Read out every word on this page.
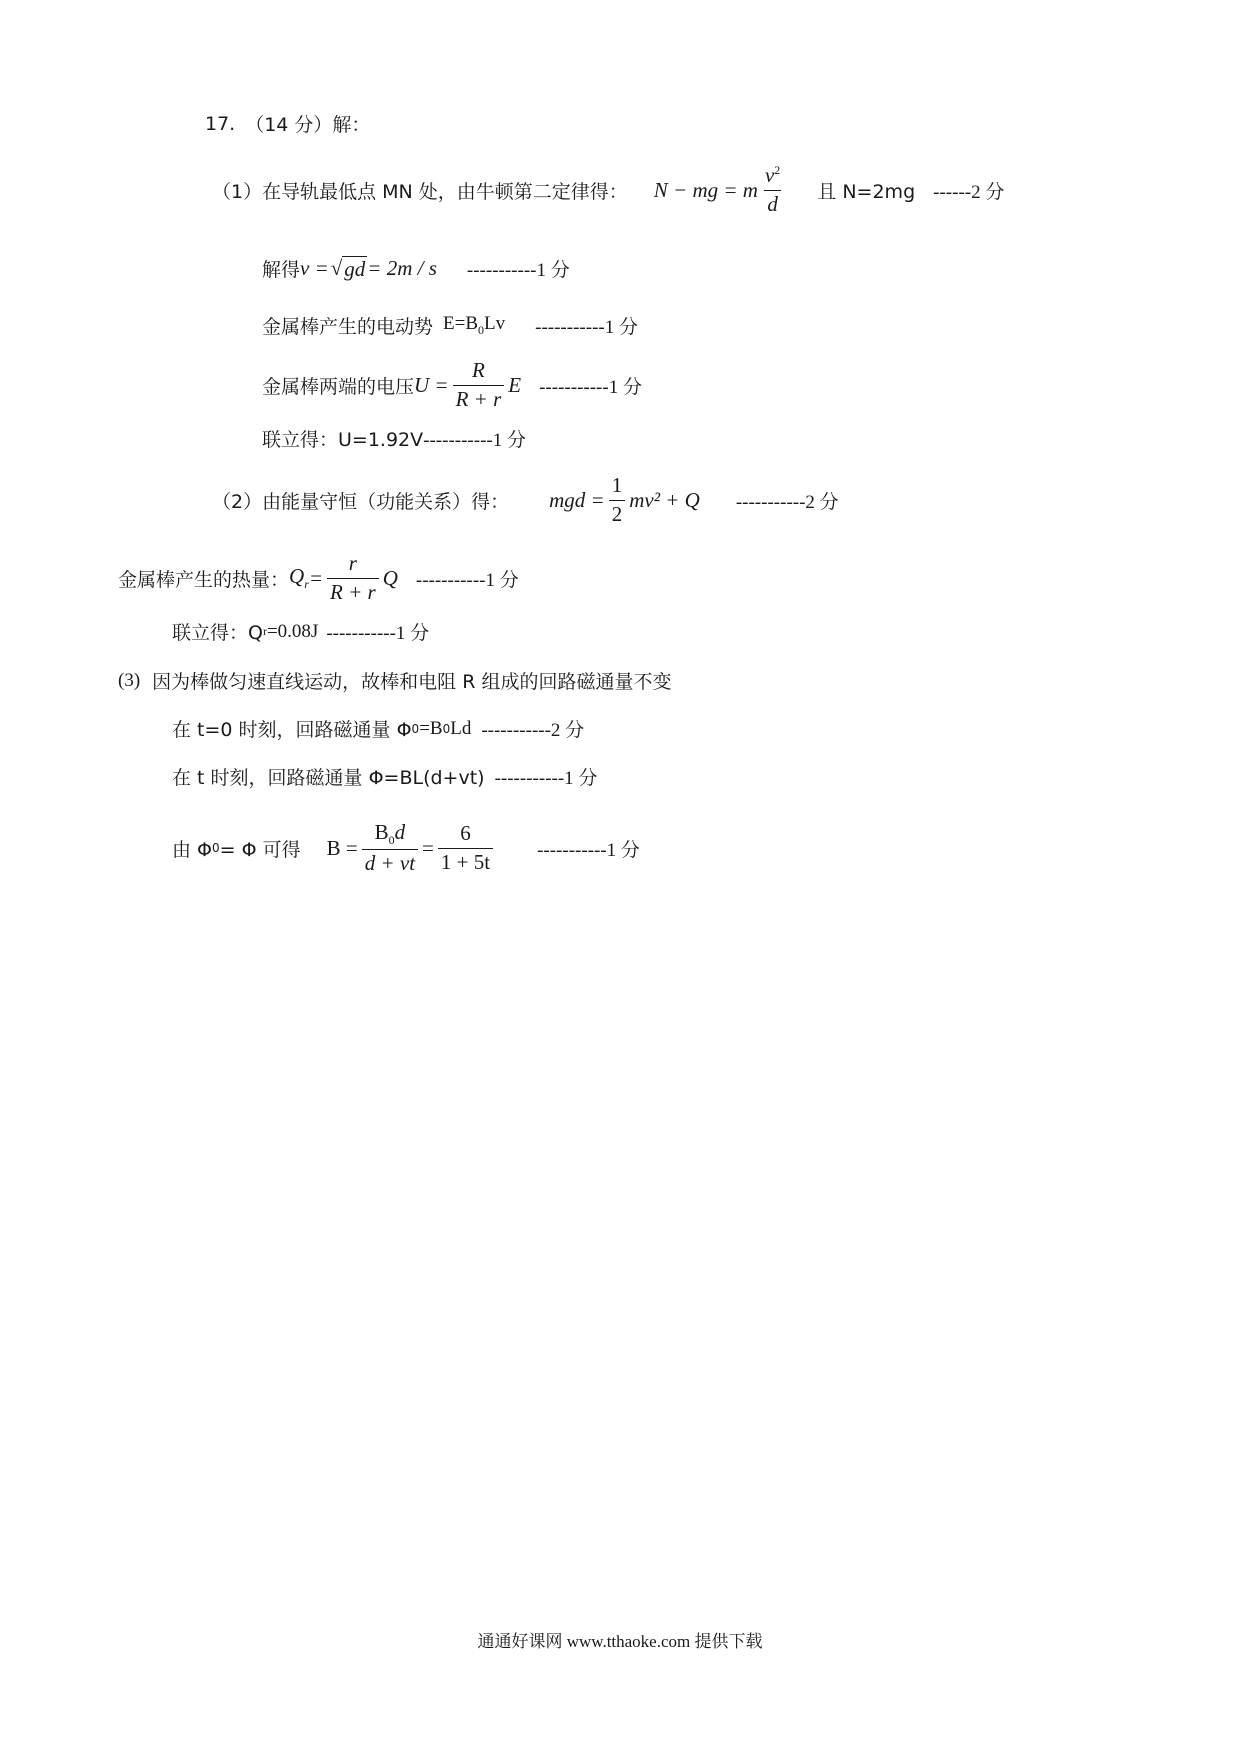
17. （14 分）解：
（1） 在导轨最低点 MN 处，由牛顿第二定律得： N − mg = m $\frac{v^2}{d}$ 且 N=2mg ------2 分
解得 v = √ gd = 2m / s -----------1 分
金属棒产生的电动势 $E=B_0Lv$ -----------1 分
金属棒两端的电压 $U = \frac{R}{R + r}$ E -----------1 分
联立得：U=1.92V -----------1 分
（2） 由能量守恒（功能关系）得： mgd = $\frac{1}{2} mv^2 + Q$ -----------2 分
金属棒产生的热量： $Q_r = \frac{r}{R + r}$ Q -----------1 分
联立得：Q r =0.08J -----------1 分
(3) 因为棒做匀速直线运动，故棒和电阻 R 组成的回路磁通量不变
在 t=0 时刻，回路磁通量 Φ 0 =B 0 Ld -----------2 分
在 t 时刻，回路磁通量 Φ=BL(d+vt) -----------1 分
由 Φ 0 = Φ 可得 $B = \frac{B_0d}{d + vt} = \frac{6}{1 + 5t} -----------1$ 分
通通好课网 www.tthaoke.com 提供下载
